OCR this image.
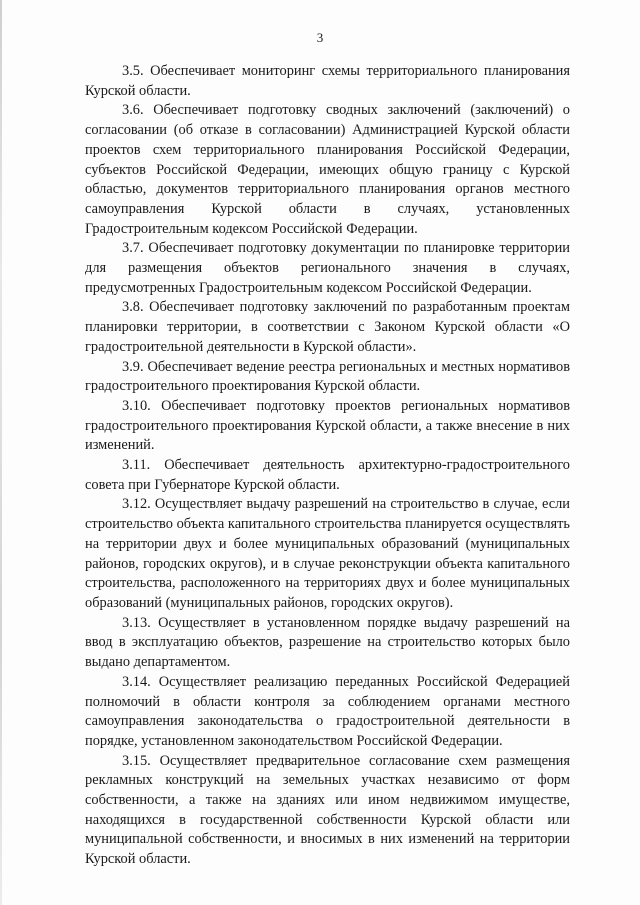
3

3.5. Обеспечивает мониторинг схемы территориального планирования Курской области.

3.6. Обеспечивает подготовку сводных заключений (заключений) о согласовании (об отказе в согласовании) Администрацией Курской области проектов схем территориального планирования Российской Федерации, субъектов Российской Федерации, имеющих общую границу с Курской областью, документов территориального планирования органов местного самоуправления Курской области в случаях, установленных Градостроительным кодексом Российской Федерации.

3.7. Обеспечивает подготовку документации по планировке территории для размещения объектов регионального значения в случаях, предусмотренных Градостроительным кодексом Российской Федерации.

3.8. Обеспечивает подготовку заключений по разработанным проектам планировки территории, в соответствии с Законом Курской области «О градостроительной деятельности в Курской области».

3.9. Обеспечивает ведение реестра региональных и местных нормативов градостроительного проектирования Курской области.

3.10. Обеспечивает подготовку проектов региональных нормативов градостроительного проектирования Курской области, а также внесение в них изменений.

3.11. Обеспечивает деятельность архитектурно-градостроительного совета при Губернаторе Курской области.

3.12. Осуществляет выдачу разрешений на строительство в случае, если строительство объекта капитального строительства планируется осуществлять на территории двух и более муниципальных образований (муниципальных районов, городских округов), и в случае реконструкции объекта капитального строительства, расположенного на территориях двух и более муниципальных образований (муниципальных районов, городских округов).

3.13. Осуществляет в установленном порядке выдачу разрешений на ввод в эксплуатацию объектов, разрешение на строительство которых было выдано департаментом.

3.14. Осуществляет реализацию переданных Российской Федерацией полномочий в области контроля за соблюдением органами местного самоуправления законодательства о градостроительной деятельности в порядке, установленном законодательством Российской Федерации.

3.15. Осуществляет предварительное согласование схем размещения рекламных конструкций на земельных участках независимо от форм собственности, а также на зданиях или ином недвижимом имуществе, находящихся в государственной собственности Курской области или муниципальной собственности, и вносимых в них изменений на территории Курской области.
